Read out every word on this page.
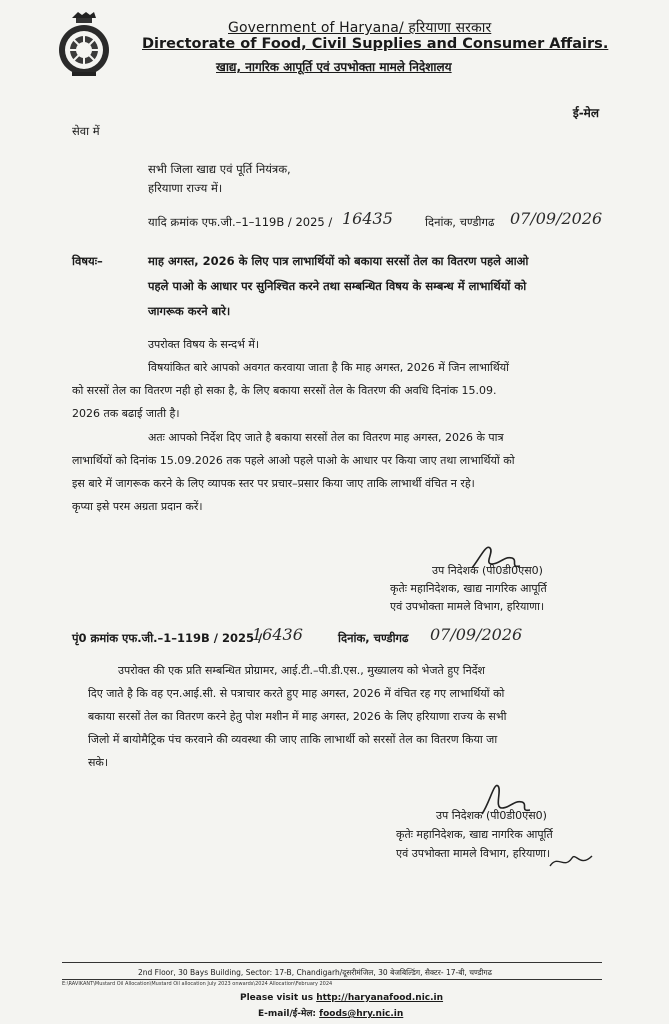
Government of Haryana/ हरियाणा सरकार
Directorate of Food, Civil Supplies and Consumer Affairs.
खाद्य, नागरिक आपूर्ति एवं उपभोक्ता मामले निदेशालय
ई-मेल
सेवा में
सभी जिला खाद्य एवं पूर्ति नियंत्रक,
हरियाणा राज्य में।
यादि क्रमांक एफ.जी.–1–119B / 2025 / 16435	दिनांक, चण्डीगढ 07/09/2026
विषयः–	माह अगस्त, 2026 के लिए पात्र लाभार्थियों को बकाया सरसों तेल का वितरण पहले आओ
पहले पाओ के आधार पर सुनिश्चित करने तथा सम्बन्धित विषय के सम्बन्ध में लाभार्थियों को
जागरूक करने बारे।
उपरोक्त विषय के सन्दर्भ में।
विषयांकित बारे आपको अवगत करवाया जाता है कि माह अगस्त, 2026 में जिन लाभार्थियों
को सरसों तेल का वितरण नही हो सका है, के लिए बकाया सरसों तेल के वितरण की अवधि दिनांक 15.09.
2026 तक बढाई जाती है।
अतः आपको निर्देश दिए जाते है बकाया सरसों तेल का वितरण माह अगस्त, 2026 के पात्र
लाभार्थियों को दिनांक 15.09.2026 तक पहले आओ पहले पाओ के आधार पर किया जाए तथा लाभार्थियों को
इस बारे में जागरूक करने के लिए व्यापक स्तर पर प्रचार–प्रसार किया जाए ताकि लाभार्थी वंचित न रहे।
कृप्या इसे परम अग्रता प्रदान करें।
उप निदेशक (पी0डी0एस0)
कृतेः महानिदेशक, खाद्य नागरिक आपूर्ति
एवं उपभोक्ता मामले विभाग, हरियाणा।
पृं0 क्रमांक एफ.जी.–1–119B / 2025 /
16436	दिनांक, चण्डीगढ 07/09/2026
उपरोक्त की एक प्रति सम्बन्धित प्रोग्रामर, आई.टी.–पी.डी.एस., मुख्यालय को भेजते हुए निर्देश
दिए जाते है कि वह एन.आई.सी. से पत्राचार करते हुए माह अगस्त, 2026 में वंचित रह गए लाभार्थियों को
बकाया सरसों तेल का वितरण करने हेतु पोश मशीन में माह अगस्त, 2026 के लिए हरियाणा राज्य के सभी
जिलो में बायोमैट्रिक पंच करवाने की व्यवस्था की जाए ताकि लाभार्थी को सरसों तेल का वितरण किया जा
सके।
उप निदेशक (पी0डी0एस0)
कृतेः महानिदेशक, खाद्य नागरिक आपूर्ति
एवं उपभोक्ता मामले विभाग, हरियाणा।
2nd Floor, 30 Bays Building, Sector: 17-B, Chandigarh/दूसरीमंजिल, 30 बेजबिल्डिंग, सैक्टर- 17-बी, चण्डीगढ
E:\RAVIKANT\Mustard Oil Allocation\Mustard Oil allocation July 2023 onwards\2024 Allocation\February 2024
Please visit us http://haryanafood.nic.in
E-mail/ई-मेल: foods@hry.nic.in
